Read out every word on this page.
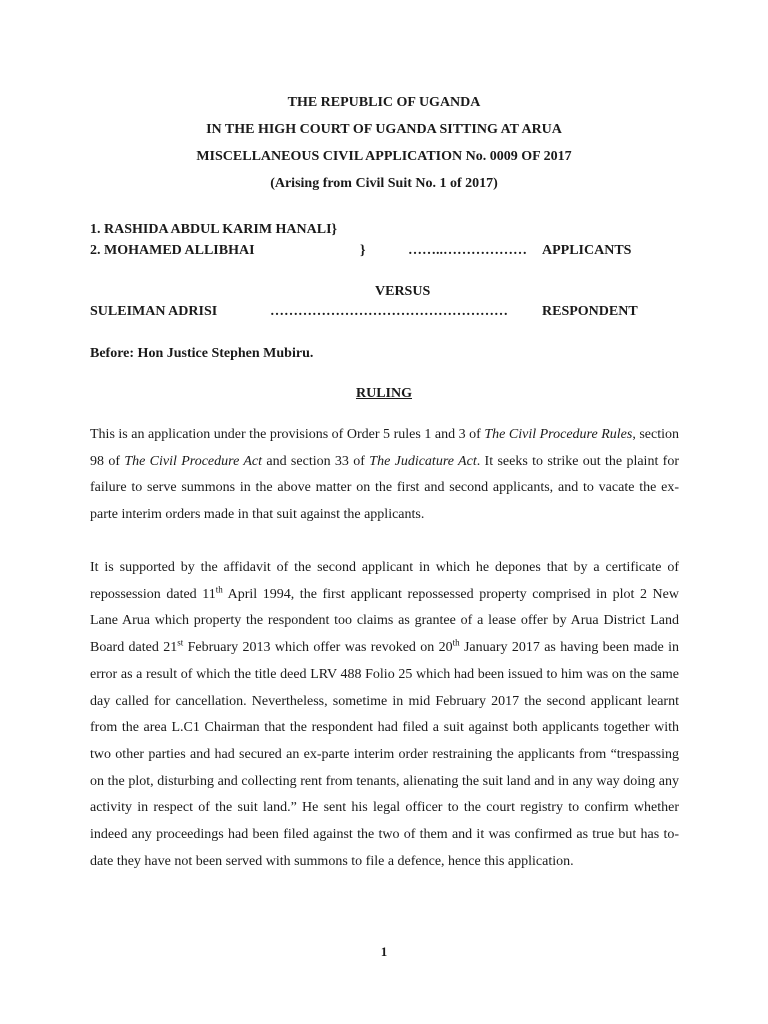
THE REPUBLIC OF UGANDA
IN THE HIGH COURT OF UGANDA SITTING AT ARUA
MISCELLANEOUS CIVIL APPLICATION No. 0009 OF 2017
(Arising from Civil Suit No. 1 of 2017)
1. RASHIDA ABDUL KARIM HANALI}
2. MOHAMED ALLIBHAI	}	……..……………… APPLICANTS
VERSUS
SULEIMAN ADRISI	…………………………………………… RESPONDENT
Before: Hon Justice Stephen Mubiru.
RULING

This is an application under the provisions of Order 5 rules 1 and 3 of The Civil Procedure Rules, section 98 of The Civil Procedure Act and section 33 of The Judicature Act. It seeks to strike out the plaint for failure to serve summons in the above matter on the first and second applicants, and to vacate the ex-parte interim orders made in that suit against the applicants.

It is supported by the affidavit of the second applicant in which he depones that by a certificate of repossession dated 11th April 1994, the first applicant repossessed property comprised in plot 2 New Lane Arua which property the respondent too claims as grantee of a lease offer by Arua District Land Board dated 21st February 2013 which offer was revoked on 20th January 2017 as having been made in error as a result of which the title deed LRV 488 Folio 25 which had been issued to him was on the same day called for cancellation. Nevertheless, sometime in mid February 2017 the second applicant learnt from the area L.C1 Chairman that the respondent had filed a suit against both applicants together with two other parties and had secured an ex-parte interim order restraining the applicants from “trespassing on the plot, disturbing and collecting rent from tenants, alienating the suit land and in any way doing any activity in respect of the suit land.” He sent his legal officer to the court registry to confirm whether indeed any proceedings had been filed against the two of them and it was confirmed as true but has to-date they have not been served with summons to file a defence, hence this application.

1
